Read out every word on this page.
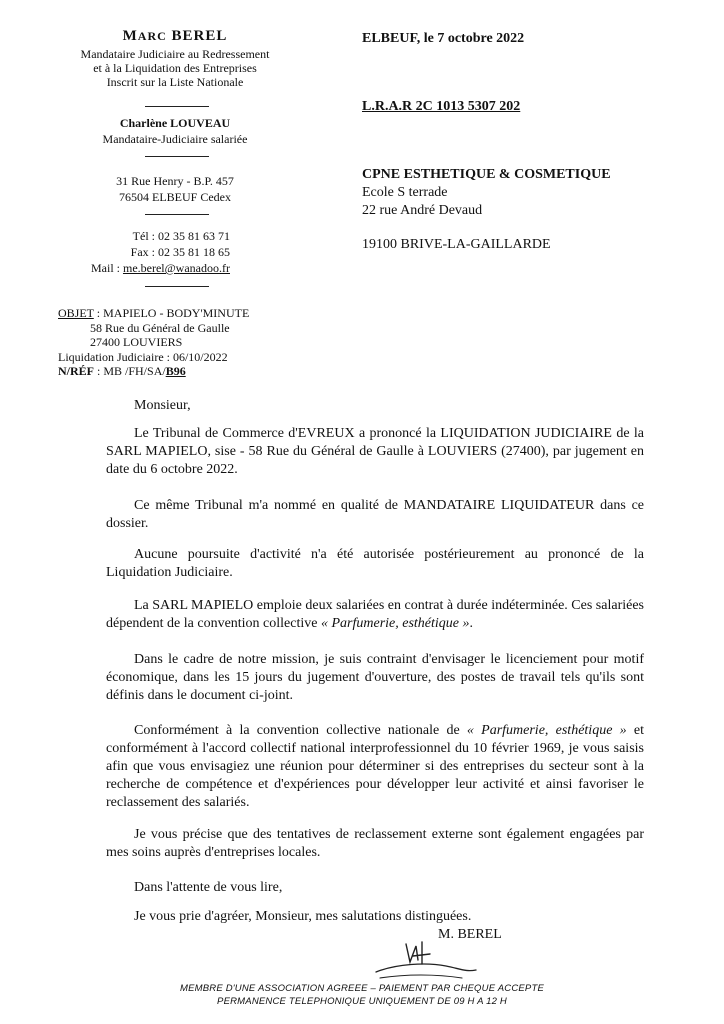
MARC BEREL
Mandataire Judiciaire au Redressement
et à la Liquidation des Entreprises
Inscrit sur la Liste Nationale
Charlène LOUVEAU
Mandataire-Judiciaire salariée
31 Rue Henry - B.P. 457
76504 ELBEUF Cedex
Tél : 02 35 81 63 71
Fax : 02 35 81 18 65
Mail : me.berel@wanadoo.fr
OBJET : MAPIELO - BODY'MINUTE
58 Rue du Général de Gaulle
27400 LOUVIERS
Liquidation Judiciaire : 06/10/2022
N/RÉF : MB /FH/SA/B96
ELBEUF, le 7 octobre 2022
L.R.A.R 2C 1013 5307 202
CPNE ESTHETIQUE & COSMETIQUE
Ecole S terrade
22 rue André Devaud
19100 BRIVE-LA-GAILLARDE
Monsieur,
Le Tribunal de Commerce d'EVREUX a prononcé la LIQUIDATION JUDICIAIRE de la SARL MAPIELO, sise - 58 Rue du Général de Gaulle à LOUVIERS (27400), par jugement en date du 6 octobre 2022.
Ce même Tribunal m'a nommé en qualité de MANDATAIRE LIQUIDATEUR dans ce dossier.
Aucune poursuite d'activité n'a été autorisée postérieurement au prononcé de la Liquidation Judiciaire.
La SARL MAPIELO emploie deux salariées en contrat à durée indéterminée. Ces salariées dépendent de la convention collective « Parfumerie, esthétique ».
Dans le cadre de notre mission, je suis contraint d'envisager le licenciement pour motif économique, dans les 15 jours du jugement d'ouverture, des postes de travail tels qu'ils sont définis dans le document ci-joint.
Conformément à la convention collective nationale de « Parfumerie, esthétique » et conformément à l'accord collectif national interprofessionnel du 10 février 1969, je vous saisis afin que vous envisagiez une réunion pour déterminer si des entreprises du secteur sont à la recherche de compétence et d'expériences pour développer leur activité et ainsi favoriser le reclassement des salariés.
Je vous précise que des tentatives de reclassement externe sont également engagées par mes soins auprès d'entreprises locales.
Dans l'attente de vous lire,
Je vous prie d'agréer, Monsieur, mes salutations distinguées.
M. BEREL
MEMBRE D'UNE ASSOCIATION AGREEE – PAIEMENT PAR CHEQUE ACCEPTE
PERMANENCE TELEPHONIQUE UNIQUEMENT DE 09 H A 12 H
